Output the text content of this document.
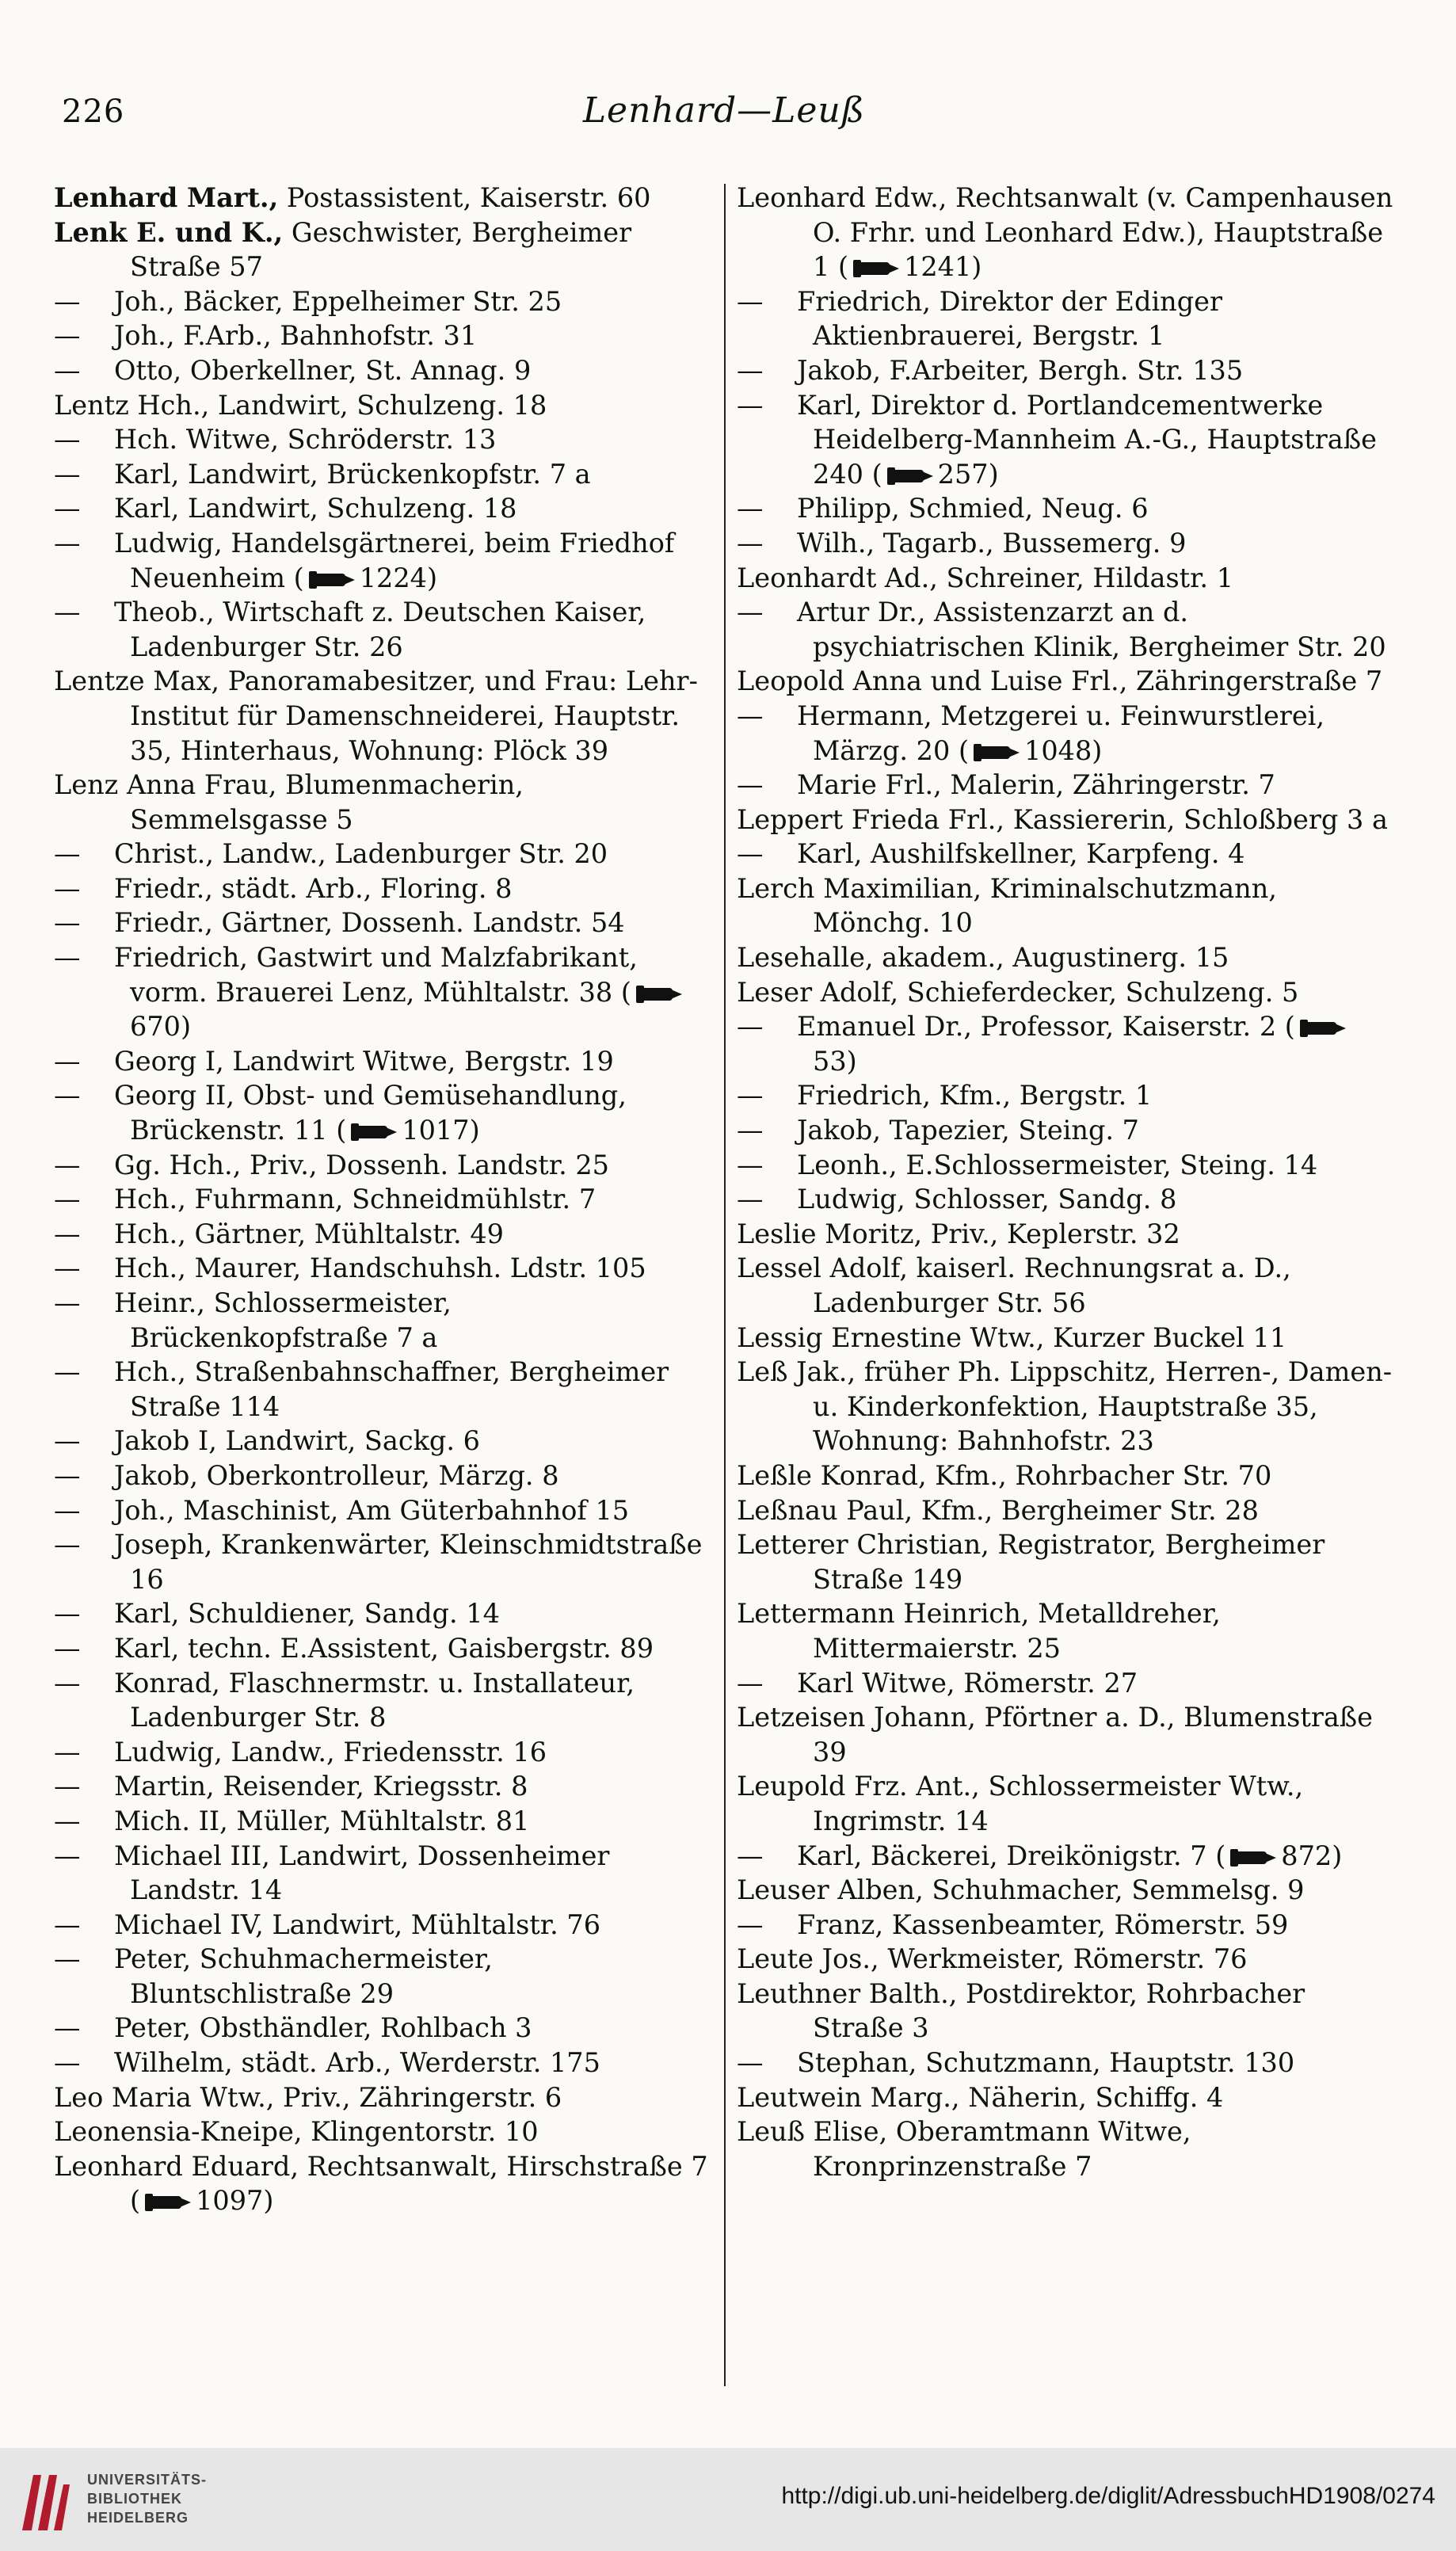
226	Lenhard—Leuß

Lenhard Mart., Postassistent, Kaiserstr. 60

Lenk E. und K., Geschwister, Bergheimer Straße 57

— Joh., Bäcker, Eppelheimer Str. 25

— Joh., F.Arb., Bahnhofstr. 31

— Otto, Oberkellner, St. Annag. 9

Lentz Hch., Landwirt, Schulzeng. 18

— Hch. Witwe, Schröderstr. 13

— Karl, Landwirt, Brückenkopfstr. 7 a

— Karl, Landwirt, Schulzeng. 18

— Ludwig, Handelsgärtnerei, beim Friedhof Neuenheim ( 1224)

— Theob., Wirtschaft z. Deutschen Kaiser, Ladenburger Str. 26

Lentze Max, Panoramabesitzer, und Frau: Lehr-Institut für Damenschneiderei, Hauptstr. 35, Hinterhaus, Wohnung: Plöck 39

Lenz Anna Frau, Blumenmacherin, Semmelsgasse 5

— Christ., Landw., Ladenburger Str. 20

— Friedr., städt. Arb., Floring. 8

— Friedr., Gärtner, Dossenh. Landstr. 54

— Friedrich, Gastwirt und Malzfabrikant, vorm. Brauerei Lenz, Mühltalstr. 38 (670)

— Georg I, Landwirt Witwe, Bergstr. 19

— Georg II, Obst- und Gemüsehandlung, Brückenstr. 11 ( 1017)

— Gg. Hch., Priv., Dossenh. Landstr. 25

— Hch., Fuhrmann, Schneidmühlstr. 7

— Hch., Gärtner, Mühltalstr. 49

— Hch., Maurer, Handschuhsh. Ldstr. 105

— Heinr., Schlossermeister, Brückenkopfstraße 7 a

— Hch., Straßenbahnschaffner, Bergheimer Straße 114

— Jakob I, Landwirt, Sackg. 6

— Jakob, Oberkontrolleur, Märzg. 8

— Joh., Maschinist, Am Güterbahnhof 15

— Joseph, Krankenwärter, Kleinschmidtstraße 16

— Karl, Schuldiener, Sandg. 14

— Karl, techn. E.Assistent, Gaisbergstr. 89

— Konrad, Flaschnermstr. u. Installateur, Ladenburger Str. 8

— Ludwig, Landw., Friedensstr. 16

— Martin, Reisender, Kriegsstr. 8

— Mich. II, Müller, Mühltalstr. 81

— Michael III, Landwirt, Dossenheimer Landstr. 14

— Michael IV, Landwirt, Mühltalstr. 76

— Peter, Schuhmachermeister, Bluntschlistraße 29

— Peter, Obsthändler, Rohlbach 3

— Wilhelm, städt. Arb., Werderstr. 175

Leo Maria Wtw., Priv., Zähringerstr. 6

Leonensia-Kneipe, Klingentorstr. 10

Leonhard Eduard, Rechtsanwalt, Hirschstraße 7 ( 1097)

Leonhard Edw., Rechtsanwalt (v. Campenhausen O. Frhr. und Leonhard Edw.), Hauptstraße 1 ( 1241)

— Friedrich, Direktor der Edinger Aktienbrauerei, Bergstr. 1

— Jakob, F.Arbeiter, Bergh. Str. 135

— Karl, Direktor d. Portlandcementwerke Heidelberg-Mannheim A.-G., Hauptstraße 240 ( 257)

— Philipp, Schmied, Neug. 6

— Wilh., Tagarb., Bussemerg. 9

Leonhardt Ad., Schreiner, Hildastr. 1

— Artur Dr., Assistenzarzt an d. psychiatrischen Klinik, Bergheimer Str. 20

Leopold Anna und Luise Frl., Zähringerstraße 7

— Hermann, Metzgerei u. Feinwurstlerei, Märzg. 20 ( 1048)

— Marie Frl., Malerin, Zähringerstr. 7

Leppert Frieda Frl., Kassiererin, Schloßberg 3 a

— Karl, Aushilfskellner, Karpfeng. 4

Lerch Maximilian, Kriminalschutzmann, Mönchg. 10

Lesehalle, akadem., Augustinerg. 15

Leser Adolf, Schieferdecker, Schulzeng. 5

— Emanuel Dr., Professor, Kaiserstr. 2 (53)

— Friedrich, Kfm., Bergstr. 1

— Jakob, Tapezier, Steing. 7

— Leonh., E.Schlossermeister, Steing. 14

— Ludwig, Schlosser, Sandg. 8

Leslie Moritz, Priv., Keplerstr. 32

Lessel Adolf, kaiserl. Rechnungsrat a. D., Ladenburger Str. 56

Lessig Ernestine Wtw., Kurzer Buckel 11

Leß Jak., früher Ph. Lippschitz, Herren-, Damen- u. Kinderkonfektion, Hauptstraße 35, Wohnung: Bahnhofstr. 23

Leßle Konrad, Kfm., Rohrbacher Str. 70

Leßnau Paul, Kfm., Bergheimer Str. 28

Letterer Christian, Registrator, Bergheimer Straße 149

Lettermann Heinrich, Metalldreher, Mittermaierstr. 25

— Karl Witwe, Römerstr. 27

Letzeisen Johann, Pförtner a. D., Blumenstraße 39

Leupold Frz. Ant., Schlossermeister Wtw., Ingrimstr. 14

— Karl, Bäckerei, Dreikönigstr. 7 ( 872)

Leuser Alben, Schuhmacher, Semmelsg. 9

— Franz, Kassenbeamter, Römerstr. 59

Leute Jos., Werkmeister, Römerstr. 76

Leuthner Balth., Postdirektor, Rohrbacher Straße 3

— Stephan, Schutzmann, Hauptstr. 130

Leutwein Marg., Näherin, Schiffg. 4

Leuß Elise, Oberamtmann Witwe, Kronprinzenstraße 7

UNIVERSITÄTS-
BIBLIOTHEK
HEIDELBERG
http://digi.ub.uni-heidelberg.de/diglit/AdressbuchHD1908/0274
